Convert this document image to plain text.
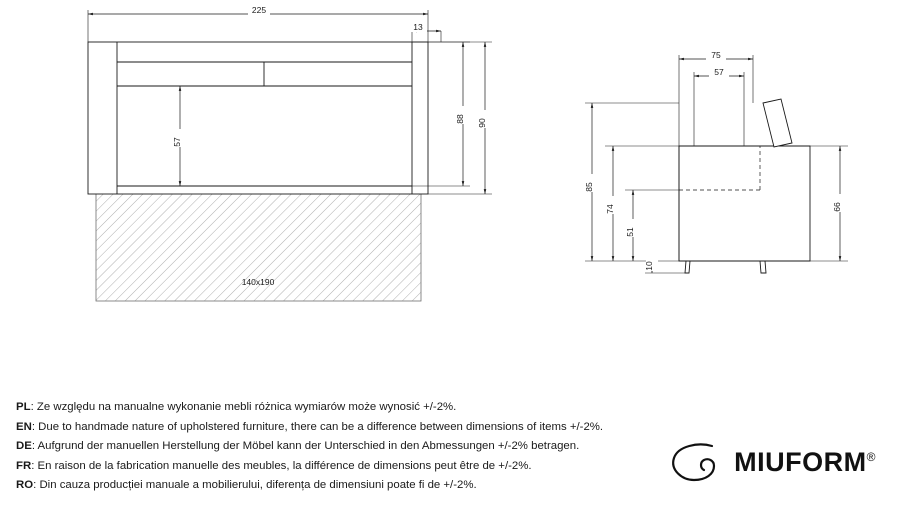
225
13
57
88 90
140x190
75
57
85
74
51
10
66
PL: Ze względu na manualne wykonanie mebli różnica wymiarów może wynosić +/-2%.
EN: Due to handmade nature of upholstered furniture, there can be a difference between dimensions of items +/-2%.
DE: Aufgrund der manuellen Herstellung der Möbel kann der Unterschied in den Abmessungen +/-2% betragen.
FR: En raison de la fabrication manuelle des meubles, la différence de dimensions peut être de +/-2%.
RO: Din cauza producției manuale a mobilierului, diferența de dimensiuni poate fi de +/-2%.
MIUFORM®
